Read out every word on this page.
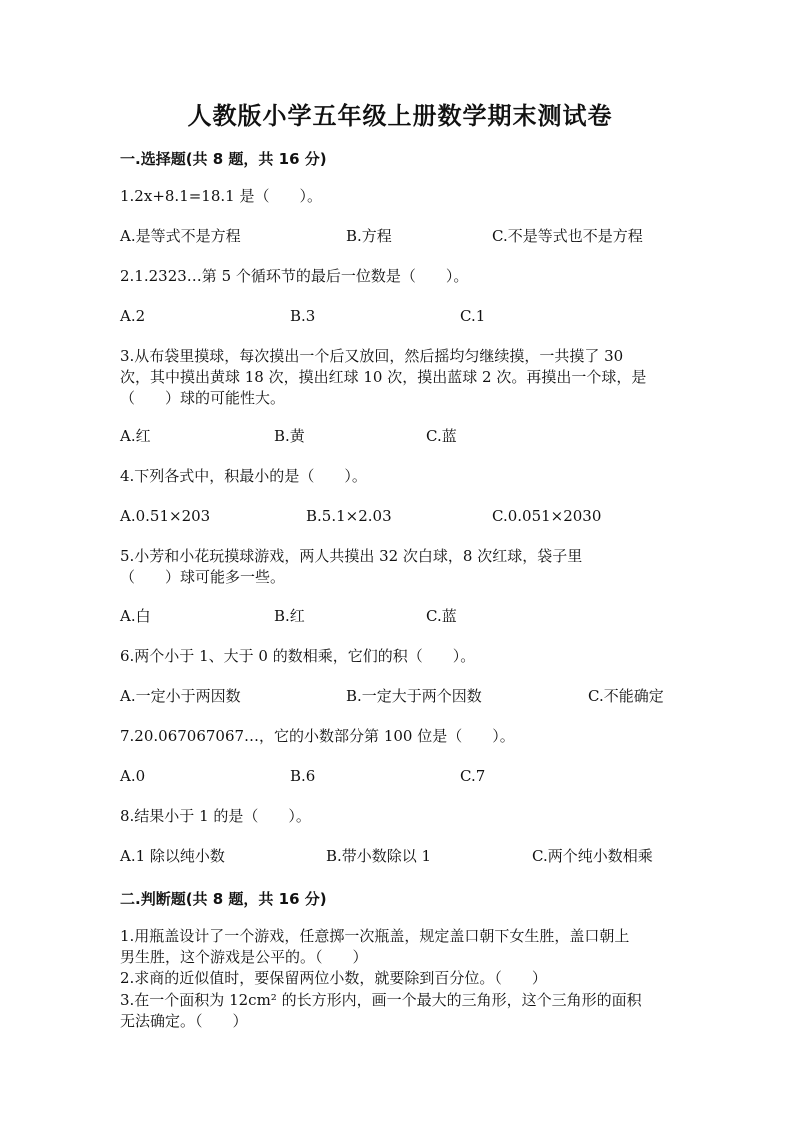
人教版小学五年级上册数学期末测试卷
一.选择题(共 8 题，共 16 分)
1.2x+8.1=18.1 是（　　）。
A.是等式不是方程	B.方程	C.不是等式也不是方程
2.1.2323…第 5 个循环节的最后一位数是（　　）。
A.2	B.3	C.1
3.从布袋里摸球，每次摸出一个后又放回，然后摇均匀继续摸，一共摸了 30
次，其中摸出黄球 18 次，摸出红球 10 次，摸出蓝球 2 次。再摸出一个球，是
（　　）球的可能性大。
A.红	B.黄	C.蓝
4.下列各式中，积最小的是（　　）。
A.0.51×203	B.5.1×2.03	C.0.051×2030
5.小芳和小花玩摸球游戏，两人共摸出 32 次白球，8 次红球，袋子里
（　　）球可能多一些。
A.白	B.红	C.蓝
6.两个小于 1、大于 0 的数相乘，它们的积（　　）。
A.一定小于两因数	B.一定大于两个因数	C.不能确定
7.20.067067067…，它的小数部分第 100 位是（　　）。
A.0	B.6	C.7
8.结果小于 1 的是（　　）。
A.1 除以纯小数	B.带小数除以 1	C.两个纯小数相乘
二.判断题(共 8 题，共 16 分)
1.用瓶盖设计了一个游戏，任意掷一次瓶盖，规定盖口朝下女生胜，盖口朝上
男生胜，这个游戏是公平的。（　　）
2.求商的近似值时，要保留两位小数，就要除到百分位。（　　）
3.在一个面积为 12cm² 的长方形内，画一个最大的三角形，这个三角形的面积
无法确定。（　　）
